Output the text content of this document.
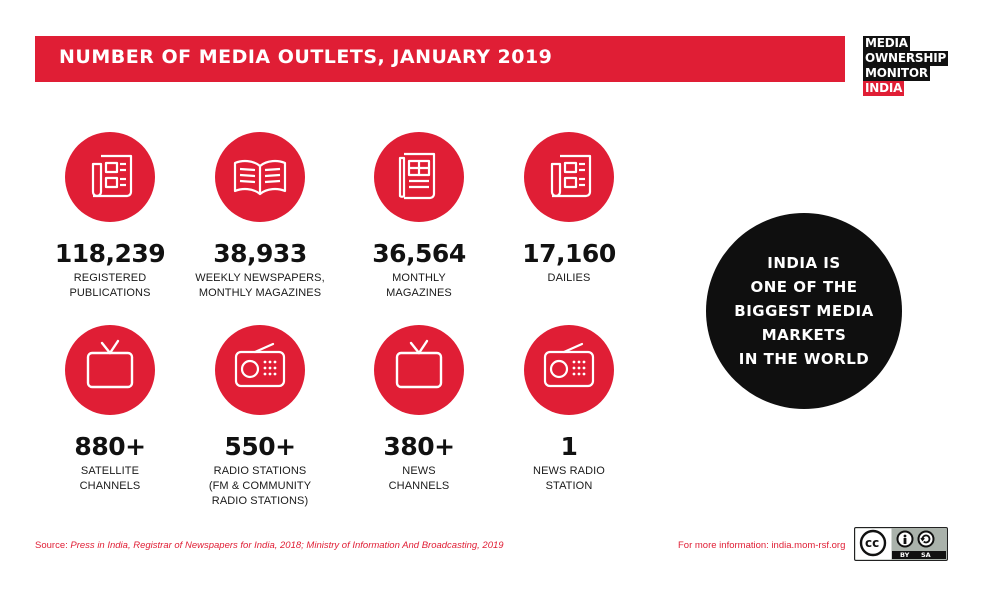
NUMBER OF MEDIA OUTLETS, JANUARY 2019
MEDIA
OWNERSHIP
MONITOR
INDIA
118,239
REGISTERED
PUBLICATIONS
38,933
WEEKLY NEWSPAPERS,
MONTHLY MAGAZINES
36,564
MONTHLY
MAGAZINES
17,160
DAILIES
880+
SATELLITE
CHANNELS
550+
RADIO STATIONS
(FM & COMMUNITY
RADIO STATIONS)
380+
NEWS
CHANNELS
1
NEWS RADIO
STATION
INDIA IS
ONE OF THE
BIGGEST MEDIA
MARKETS
IN THE WORLD
Source: Press in India, Registrar of Newspapers for India, 2018; Ministry of Information And Broadcasting, 2019	For more information: india.mom-rsf.org cc
BY SA
